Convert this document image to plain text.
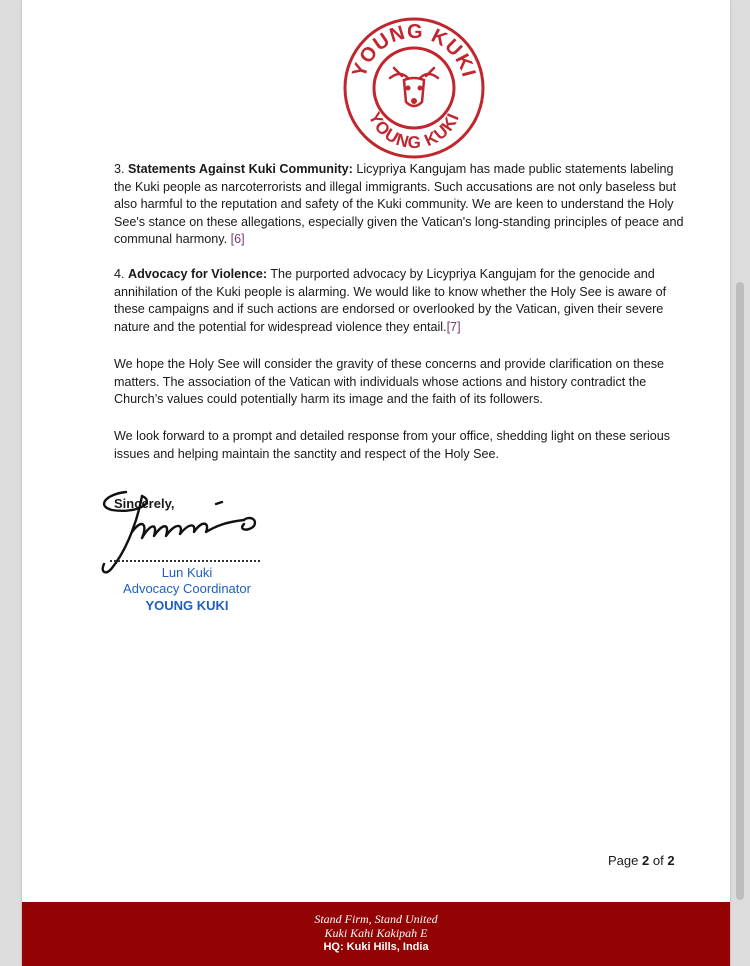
YOUNG KUKI
YOUNG KUKI
3. Statements Against Kuki Community: Licypriya Kangujam has made public statements labeling the Kuki people as narcoterrorists and illegal immigrants. Such accusations are not only baseless but also harmful to the reputation and safety of the Kuki community. We are keen to understand the Holy See's stance on these allegations, especially given the Vatican's long-standing principles of peace and communal harmony. [6]
4. Advocacy for Violence: The purported advocacy by Licypriya Kangujam for the genocide and annihilation of the Kuki people is alarming. We would like to know whether the Holy See is aware of these campaigns and if such actions are endorsed or overlooked by the Vatican, given their severe nature and the potential for widespread violence they entail.[7]
We hope the Holy See will consider the gravity of these concerns and provide clarification on these matters. The association of the Vatican with individuals whose actions and history contradict the Church’s values could potentially harm its image and the faith of its followers.
We look forward to a prompt and detailed response from your office, shedding light on these serious issues and helping maintain the sanctity and respect of the Holy See.
Sincerely,
Lun Kuki
Advocacy Coordinator
YOUNG KUKI
Page 2 of 2
Stand Firm, Stand United
Kuki Kahi Kakipah E
HQ: Kuki Hills, India
